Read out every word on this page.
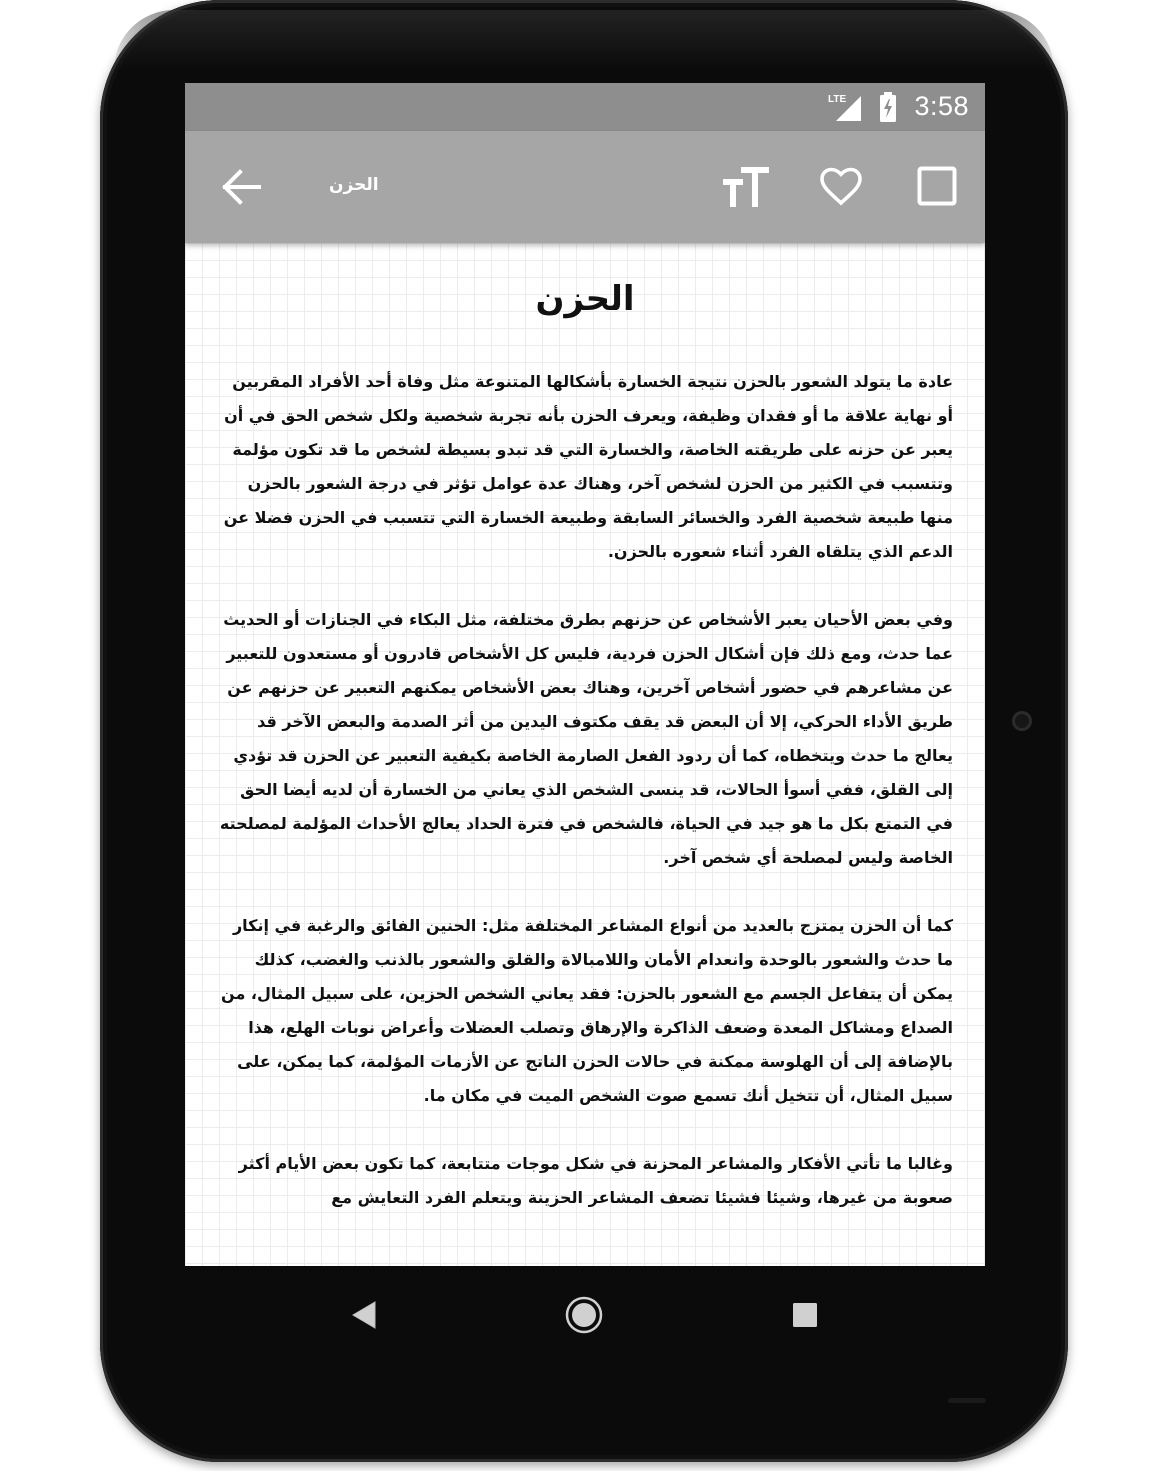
LTE	3:58
الحزن
الحزن

عادة ما يتولد الشعور بالحزن نتيجة الخسارة بأشكالها المتنوعة مثل وفاة أحد الأفراد المقربين أو نهاية علاقة ما أو فقدان وظيفة، ويعرف الحزن بأنه تجربة شخصية ولكل شخص الحق في أن يعبر عن حزنه على طريقته الخاصة، والخسارة التي قد تبدو بسيطة لشخص ما قد تكون مؤلمة وتتسبب في الكثير من الحزن لشخص آخر، وهناك عدة عوامل تؤثر في درجة الشعور بالحزن منها طبيعة شخصية الفرد والخسائر السابقة وطبيعة الخسارة التي تتسبب في الحزن فضلا عن الدعم الذي يتلقاه الفرد أثناء شعوره بالحزن.

وفي بعض الأحيان يعبر الأشخاص عن حزنهم بطرق مختلفة، مثل البكاء في الجنازات أو الحديث عما حدث، ومع ذلك فإن أشكال الحزن فردية، فليس كل الأشخاص قادرون أو مستعدون للتعبير عن مشاعرهم في حضور أشخاص آخرين، وهناك بعض الأشخاص يمكنهم التعبير عن حزنهم عن طريق الأداء الحركي، إلا أن البعض قد يقف مكتوف اليدين من أثر الصدمة والبعض الآخر قد يعالج ما حدث ويتخطاه، كما أن ردود الفعل الصارمة الخاصة بكيفية التعبير عن الحزن قد تؤدي إلى القلق، ففي أسوأ الحالات، قد ينسى الشخص الذي يعاني من الخسارة أن لديه أيضا الحق في التمتع بكل ما هو جيد في الحياة، فالشخص في فترة الحداد يعالج الأحداث المؤلمة لمصلحته الخاصة وليس لمصلحة أي شخص آخر.

كما أن الحزن يمتزج بالعديد من أنواع المشاعر المختلفة مثل: الحنين الفائق والرغبة في إنكار ما حدث والشعور بالوحدة وانعدام الأمان واللامبالاة والقلق والشعور بالذنب والغضب، كذلك يمكن أن يتفاعل الجسم مع الشعور بالحزن: فقد يعاني الشخص الحزين، على سبيل المثال، من الصداع ومشاكل المعدة وضعف الذاكرة والإرهاق وتصلب العضلات وأعراض نوبات الهلع، هذا بالإضافة إلى أن الهلوسة ممكنة في حالات الحزن الناتج عن الأزمات المؤلمة، كما يمكن، على سبيل المثال، أن تتخيل أنك تسمع صوت الشخص الميت في مكان ما.

وغالبا ما تأتي الأفكار والمشاعر المحزنة في شكل موجات متتابعة، كما تكون بعض الأيام أكثر صعوبة من غيرها، وشيئا فشيئا تضعف المشاعر الحزينة ويتعلم الفرد التعايش مع
